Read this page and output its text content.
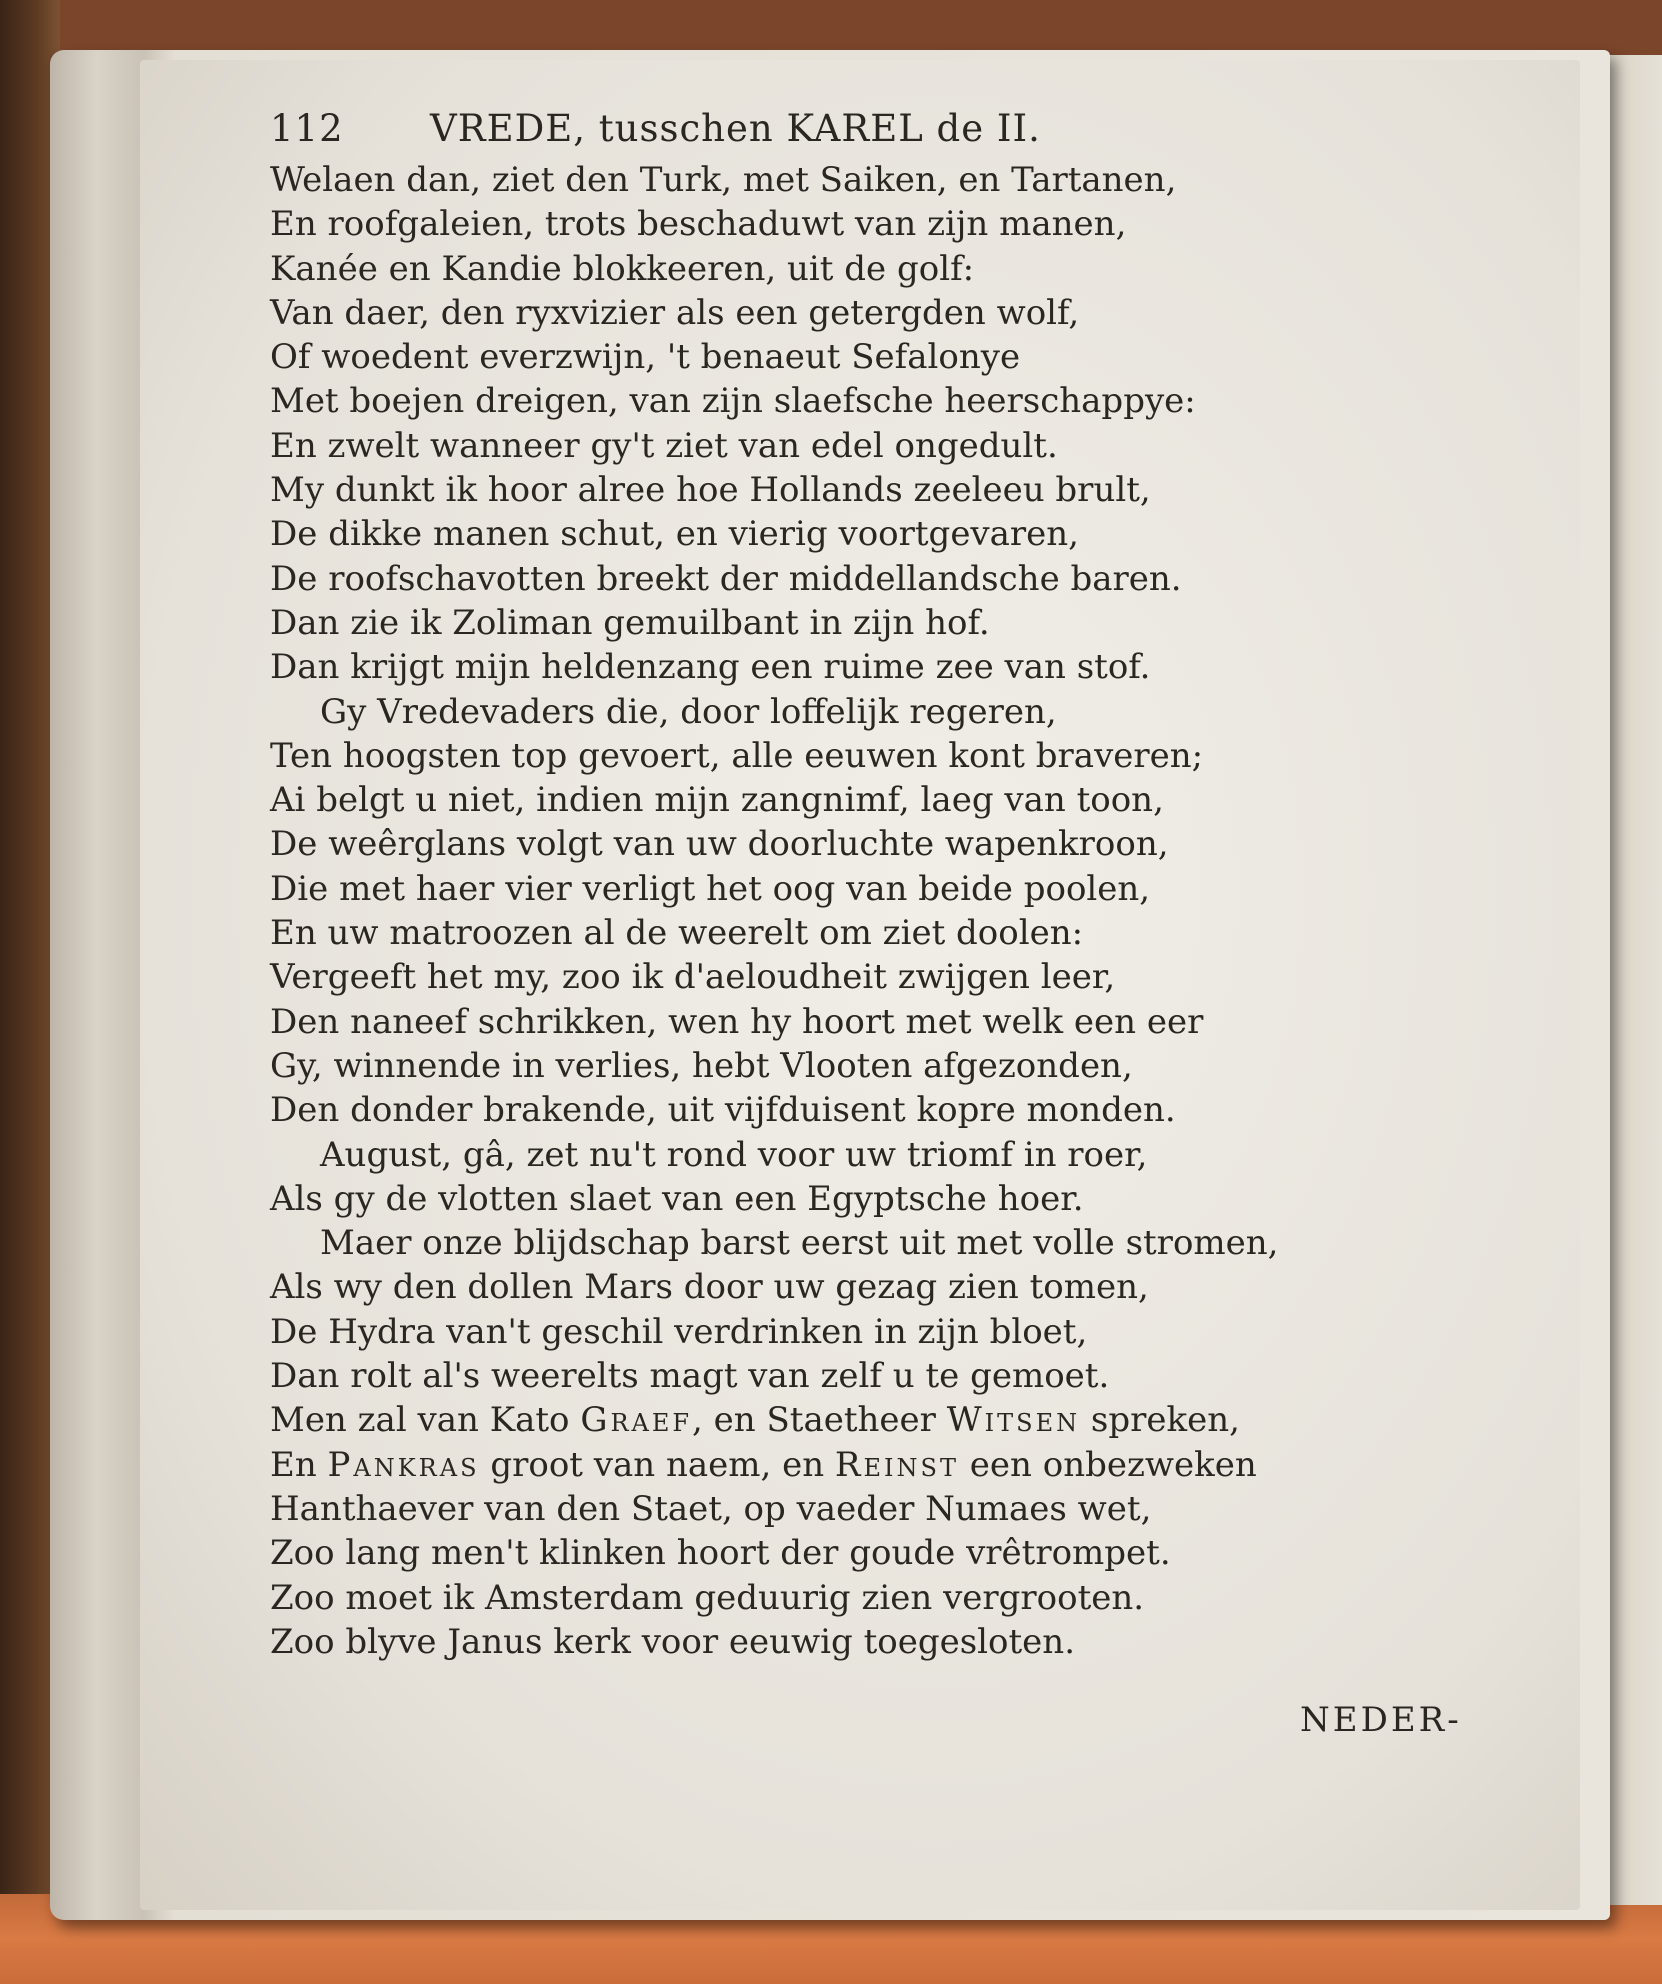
112 VREDE, tusschen KAREL de II.

Welaen dan, ziet den Turk, met Saiken, en Tartanen,

En roofgaleien, trots beschaduwt van zijn manen,

Kanée en Kandie blokkeeren, uit de golf:

Van daer, den ryxvizier als een getergden wolf,

Of woedent everzwijn, 't benaeut Sefalonye

Met boejen dreigen, van zijn slaefsche heerschappye:

En zwelt wanneer gy't ziet van edel ongedult.

My dunkt ik hoor alree hoe Hollands zeeleeu brult,

De dikke manen schut, en vierig voortgevaren,

De roofschavotten breekt der middellandsche baren.

Dan zie ik Zoliman gemuilbant in zijn hof.

Dan krijgt mijn heldenzang een ruime zee van stof.

Gy Vredevaders die, door loffelijk regeren,

Ten hoogsten top gevoert, alle eeuwen kont braveren;

Ai belgt u niet, indien mijn zangnimf, laeg van toon,

De weêrglans volgt van uw doorluchte wapenkroon,

Die met haer vier verligt het oog van beide poolen,

En uw matroozen al de weerelt om ziet doolen:

Vergeeft het my, zoo ik d'aeloudheit zwijgen leer,

Den naneef schrikken, wen hy hoort met welk een eer

Gy, winnende in verlies, hebt Vlooten afgezonden,

Den donder brakende, uit vijfduisent kopre monden.

August, gâ, zet nu't rond voor uw triomf in roer,

Als gy de vlotten slaet van een Egyptsche hoer.

Maer onze blijdschap barst eerst uit met volle stromen,

Als wy den dollen Mars door uw gezag zien tomen,

De Hydra van't geschil verdrinken in zijn bloet,

Dan rolt al's weerelts magt van zelf u te gemoet.

Men zal van Kato Graef, en Staetheer Witsen spreken,

En Pankras groot van naem, en Reinst een onbezweken

Hanthaever van den Staet, op vaeder Numaes wet,

Zoo lang men't klinken hoort der goude vrêtrompet.

Zoo moet ik Amsterdam geduurig zien vergrooten.

Zoo blyve Janus kerk voor eeuwig toegesloten.

NEDER-
